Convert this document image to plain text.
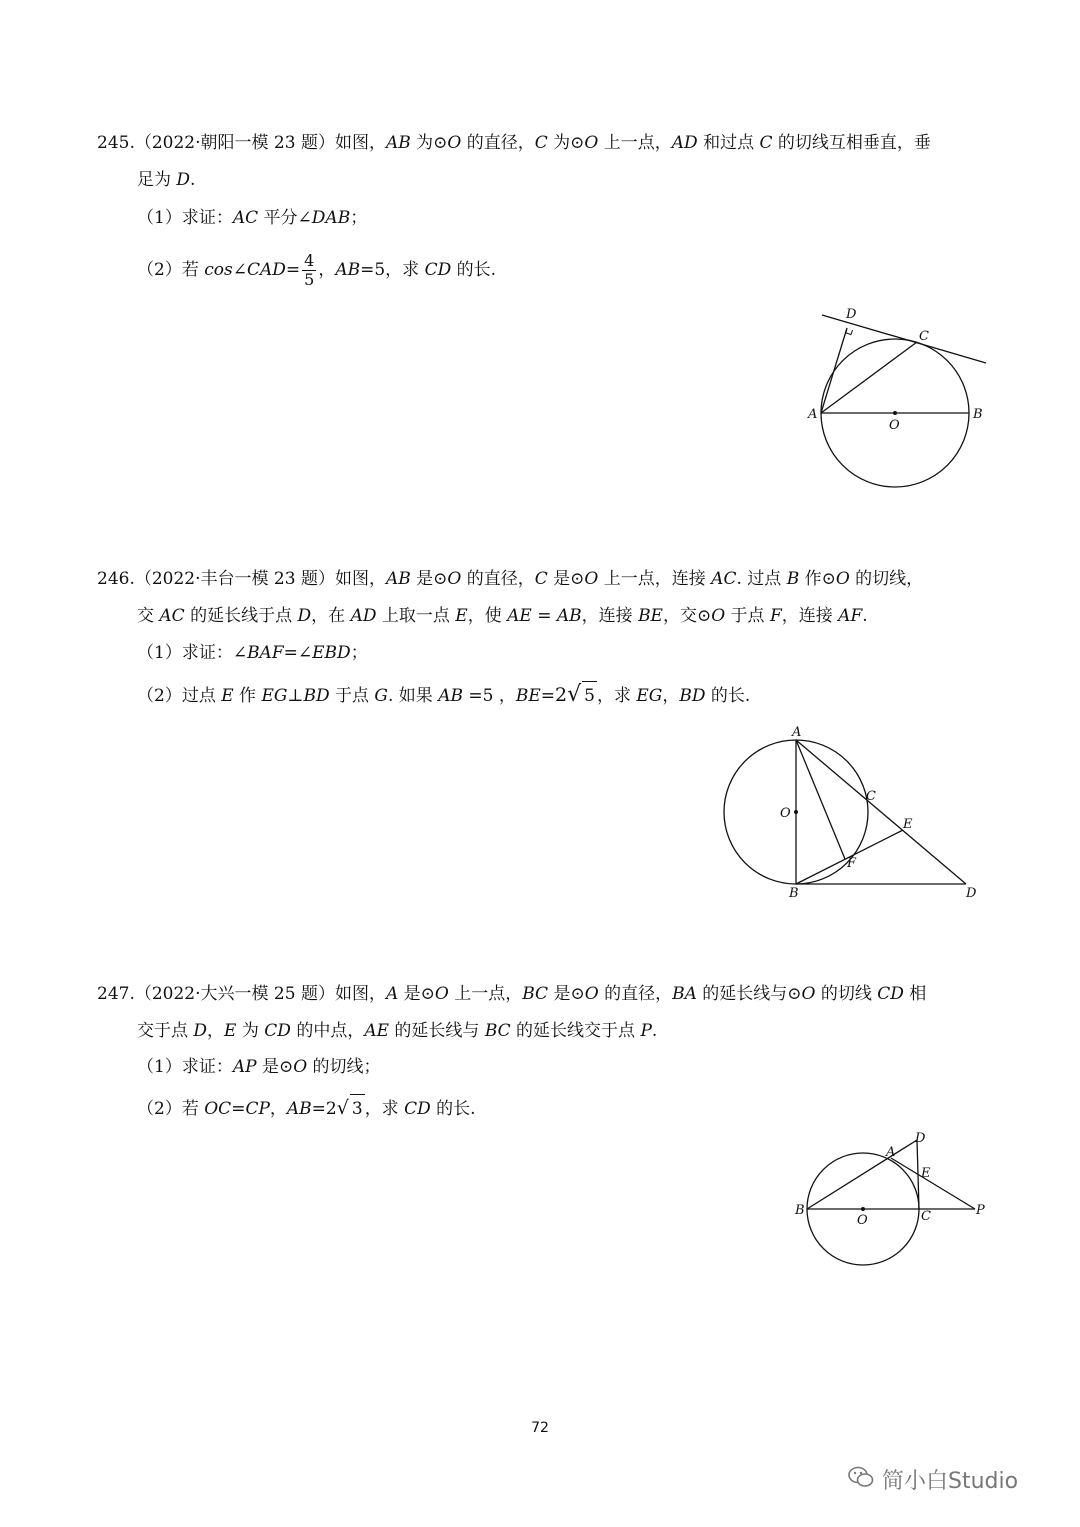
245.（2022·朝阳一模 23 题）如图，AB 为⊙O 的直径，C 为⊙O 上一点，AD 和过点 C 的切线互相垂直，垂
足为 D.
（1）求证：AC 平分∠DAB；
（2）若 cos∠CAD= $\frac{4}{5}$ ，AB=5，求 CD 的长.
D
C
A
O
B
246.（2022·丰台一模 23 题）如图，AB 是⊙O 的直径，C 是⊙O 上一点，连接 AC. 过点 B 作⊙O 的切线，
交 AC 的延长线于点 D，在 AD 上取一点 E，使 AE = AB，连接 BE，交⊙O 于点 F，连接 AF.
（1）求证：∠BAF=∠EBD；
（2）过点 E 作 EG⊥BD 于点 G. 如果 AB =5 ，BE=2√ 5 ，求 EG，BD 的长.
A
O
C
E
F
B	D
247.（2022·大兴一模 25 题）如图，A 是⊙O 上一点，BC 是⊙O 的直径，BA 的延长线与⊙O 的切线 CD 相
交于点 D，E 为 CD 的中点，AE 的延长线与 BC 的延长线交于点 P.
（1）求证：AP 是⊙O 的切线；
（2）若 OC=CP，AB=2√ 3 ，求 CD 的长.
D
A
E
B
O	C	P
72
简小白Studio
